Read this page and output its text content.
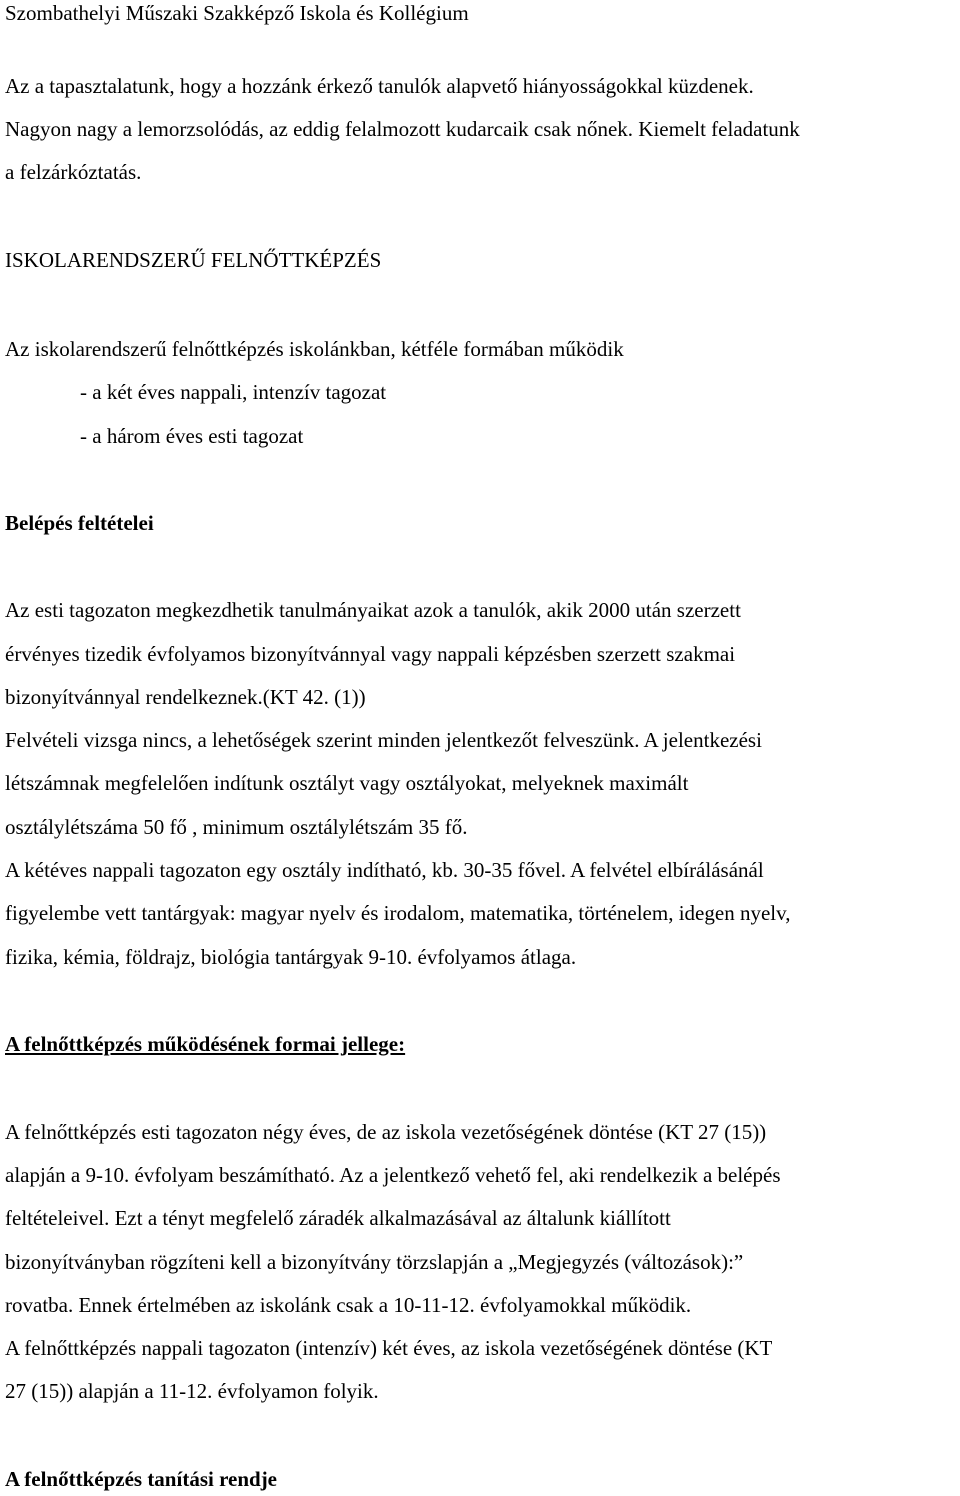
Szombathelyi Műszaki Szakképző Iskola és Kollégium
Az a tapasztalatunk, hogy a hozzánk érkező tanulók alapvető hiányosságokkal küzdenek.
Nagyon nagy a lemorzsolódás, az eddig felalmozott kudarcaik csak nőnek. Kiemelt feladatunk
a felzárkóztatás.
ISKOLARENDSZERŰ FELNŐTTKÉPZÉS
Az iskolarendszerű felnőttképzés iskolánkban, kétféle formában működik
- a két éves nappali, intenzív tagozat
- a három éves esti tagozat
Belépés feltételei
Az esti tagozaton megkezdhetik tanulmányaikat azok a tanulók, akik 2000 után szerzett
érvényes tizedik évfolyamos bizonyítvánnyal vagy nappali képzésben szerzett szakmai
bizonyítvánnyal rendelkeznek.(KT 42. (1))
Felvételi vizsga nincs, a lehetőségek szerint minden jelentkezőt felveszünk. A jelentkezési
létszámnak megfelelően indítunk osztályt vagy osztályokat, melyeknek maximált
osztálylétszáma 50 fő , minimum osztálylétszám 35 fő.
A kétéves nappali tagozaton egy osztály indítható, kb. 30-35 fővel. A felvétel elbírálásánál
figyelembe vett tantárgyak: magyar nyelv és irodalom, matematika, történelem, idegen nyelv,
fizika, kémia, földrajz, biológia tantárgyak 9-10. évfolyamos átlaga.
A felnőttképzés működésének formai jellege:
A felnőttképzés esti tagozaton négy éves, de az iskola vezetőségének döntése (KT 27 (15))
alapján a 9-10. évfolyam beszámítható. Az a jelentkező vehető fel, aki rendelkezik a belépés
feltételeivel. Ezt a tényt megfelelő záradék alkalmazásával az általunk kiállított
bizonyítványban rögzíteni kell a bizonyítvány törzslapján a „Megjegyzés (változások):”
rovatba. Ennek értelmében az iskolánk csak a 10-11-12. évfolyamokkal működik.
A felnőttképzés nappali tagozaton (intenzív) két éves, az iskola vezetőségének döntése (KT
27 (15)) alapján a 11-12. évfolyamon folyik.
A felnőttképzés tanítási rendje
